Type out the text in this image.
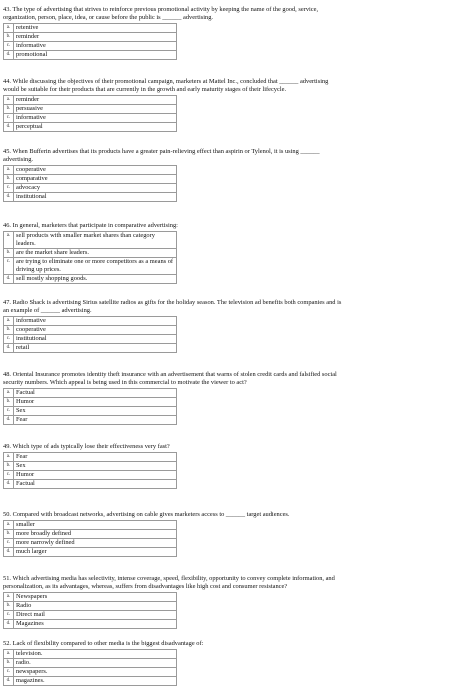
43. The type of advertising that strives to reinforce previous promotional activity by keeping the name of the good, service,
organization, person, place, idea, or cause before the public is ______ advertising.
a.	retentive
b.	reminder
c.	informative
d.	promotional
44. While discussing the objectives of their promotional campaign, marketers at Mattel Inc., concluded that ______ advertising
would be suitable for their products that are currently in the growth and early maturity stages of their lifecycle.
a.	reminder
b.	persuasive
c.	informative
d.	perceptual
45. When Bufferin advertises that its products have a greater pain-relieving effect than aspirin or Tylenol, it is using ______
advertising.
a.	cooperative
b.	comparative
c.	advocacy
d.	institutional
46. In general, marketers that participate in comparative advertising:
a.	sell products with smaller market shares than category leaders.
b.	are the market share leaders.
c.	are trying to eliminate one or more competitors as a means of driving up prices.
d.	sell mostly shopping goods.
47. Radio Shack is advertising Sirius satellite radios as gifts for the holiday season. The television ad benefits both companies and is
an example of ______ advertising.
a.	informative
b.	cooperative
c.	institutional
d.	retail
48. Oriental Insurance promotes identity theft insurance with an advertisement that warns of stolen credit cards and falsified social
security numbers. Which appeal is being used in this commercial to motivate the viewer to act?
a.	Factual
b.	Humor
c.	Sex
d.	Fear
49. Which type of ads typically lose their effectiveness very fast?
a.	Fear
b.	Sex
c.	Humor
d.	Factual
50. Compared with broadcast networks, advertising on cable gives marketers access to ______ target audiences.
a.	smaller
b.	more broadly defined
c.	more narrowly defined
d.	much larger
51. Which advertising media has selectivity, intense coverage, speed, flexibility, opportunity to convey complete information, and
personalization, as its advantages, whereas, suffers from disadvantages like high cost and consumer resistance?
a.	Newspapers
b.	Radio
c.	Direct mail
d.	Magazines
52. Lack of flexibility compared to other media is the biggest disadvantage of:
a.	television.
b.	radio.
c.	newspapers.
d.	magazines.
